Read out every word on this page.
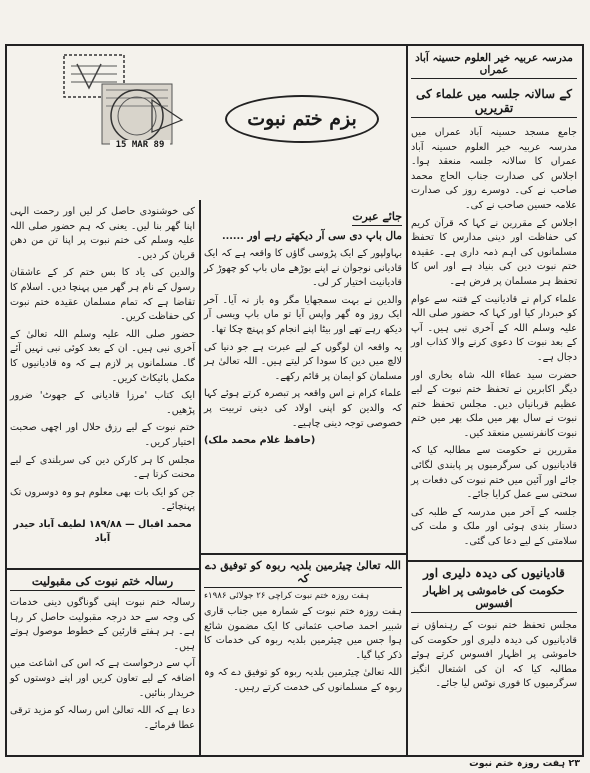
مدرسہ عربیہ خیر العلوم حسینہ آباد عمراں
کے سالانہ جلسہ میں علماء کی تقریریں

جامع مسجد حسینہ آباد عمراں میں مدرسہ عربیہ خیر العلوم حسینہ آباد عمراں کا سالانہ جلسہ منعقد ہوا۔ اجلاس کی صدارت جناب الحاج محمد صاحب نے کی۔ دوسرے روز کی صدارت علامہ حسین صاحب نے کی۔

اجلاس کے مقررین نے کہا کہ قرآن کریم کی حفاظت اور دینی مدارس کا تحفظ مسلمانوں کی اہم ذمہ داری ہے۔ عقیدہ ختم نبوت دین کی بنیاد ہے اور اس کا تحفظ ہر مسلمان پر فرض ہے۔

علماء کرام نے قادیانیت کے فتنہ سے عوام کو خبردار کیا اور کہا کہ حضور صلی اللہ علیہ وسلم اللہ کے آخری نبی ہیں۔ آپ کے بعد نبوت کا دعوی کرنے والا کذاب اور دجال ہے۔

حضرت سید عطاء اللہ شاہ بخاری اور دیگر اکابرین نے تحفظ ختم نبوت کے لیے عظیم قربانیاں دیں۔ مجلس تحفظ ختم نبوت نے سال بھر میں ملک بھر میں ختم نبوت کانفرنسیں منعقد کیں۔

مقررین نے حکومت سے مطالبہ کیا کہ قادیانیوں کی سرگرمیوں پر پابندی لگائی جائے اور آئین میں ختم نبوت کی دفعات پر سختی سے عمل کرایا جائے۔

جلسہ کے آخر میں مدرسہ کے طلبہ کی دستار بندی ہوئی اور ملک و ملت کی سلامتی کے لیے دعا کی گئی۔

قادیانیوں کی دیدہ دلیری اور
حکومت کی خاموشی پر اظہار افسوس

مجلس تحفظ ختم نبوت کے رہنماؤں نے قادیانیوں کی دیدہ دلیری اور حکومت کی خاموشی پر اظہار افسوس کرتے ہوئے مطالبہ کیا کہ ان کی اشتعال انگیز سرگرمیوں کا فوری نوٹس لیا جائے۔

15 MAR 89
بزم ختم نبوت
جائے عبرت
مال باپ دی سی آر دیکھتے رہے اور ......

بہاولپور کے ایک پڑوسی گاؤں کا واقعہ ہے کہ ایک قادیانی نوجوان نے اپنے بوڑھے ماں باپ کو چھوڑ کر قادیانیت اختیار کر لی۔

والدین نے بہت سمجھایا مگر وہ باز نہ آیا۔ آخر ایک روز وہ گھر واپس آیا تو ماں باپ ویسی آر دیکھ رہے تھے اور بیٹا اپنے انجام کو پہنچ چکا تھا۔

یہ واقعہ ان لوگوں کے لیے عبرت ہے جو دنیا کی لالچ میں دین کا سودا کر لیتے ہیں۔ اللہ تعالیٰ ہر مسلمان کو ایمان پر قائم رکھے۔

علماء کرام نے اس واقعہ پر تبصرہ کرتے ہوئے کہا کہ والدین کو اپنی اولاد کی دینی تربیت پر خصوصی توجہ دینی چاہیے۔

(حافظ غلام محمد ملک)

اللہ تعالیٰ چیئرمین بلدیہ ربوہ کو توفیق دے کہ
ہفت روزہ ختم نبوت کراچی ۲۶ جولائی ۱۹۸۶ء

ہفت روزہ ختم نبوت کے شمارہ میں جناب قاری شبیر احمد صاحب عثمانی کا ایک مضمون شائع ہوا جس میں چیئرمین بلدیہ ربوہ کی خدمات کا ذکر کیا گیا۔

اللہ تعالیٰ چیئرمین بلدیہ ربوہ کو توفیق دے کہ وہ ربوہ کے مسلمانوں کی خدمت کرتے رہیں۔

کی خوشنودی حاصل کر لیں اور رحمت الہی اپنا گھر بنا لیں۔ یعنی کہ ہم حضور صلی اللہ علیہ وسلم کی ختم نبوت پر اپنا تن من دھن قربان کر دیں۔

والدین کی یاد کا بس ختم کر کے عاشقان رسول کے نام ہر گھر میں پہنچا دیں۔ اسلام کا تقاضا ہے کہ تمام مسلمان عقیدہ ختم نبوت کی حفاظت کریں۔

حضور صلی اللہ علیہ وسلم اللہ تعالیٰ کے آخری نبی ہیں۔ ان کے بعد کوئی نبی نہیں آئے گا۔ مسلمانوں پر لازم ہے کہ وہ قادیانیوں کا مکمل بائیکاٹ کریں۔

ایک کتاب 'مرزا قادیانی کے جھوٹ' ضرور پڑھیں۔

ختم نبوت کے لیے رزق حلال اور اچھی صحبت اختیار کریں۔

مجلس کا ہر کارکن دین کی سربلندی کے لیے محنت کرتا ہے۔

جن کو ایک بات بھی معلوم ہو وہ دوسروں تک پہنچائے۔

محمد اقبال — ۱۸۹/۸۸ لطیف آباد حیدر آباد

رسالہ ختم نبوت کی مقبولیت

رسالہ ختم نبوت اپنی گوناگوں دینی خدمات کی وجہ سے حد درجہ مقبولیت حاصل کر رہا ہے۔ ہر ہفتے قارئین کے خطوط موصول ہوتے ہیں۔

آپ سے درخواست ہے کہ اس کی اشاعت میں اضافہ کے لیے تعاون کریں اور اپنے دوستوں کو خریدار بنائیں۔

دعا ہے کہ اللہ تعالیٰ اس رسالہ کو مزید ترقی عطا فرمائے۔

۲۳ ہفت روزہ ختم نبوت
